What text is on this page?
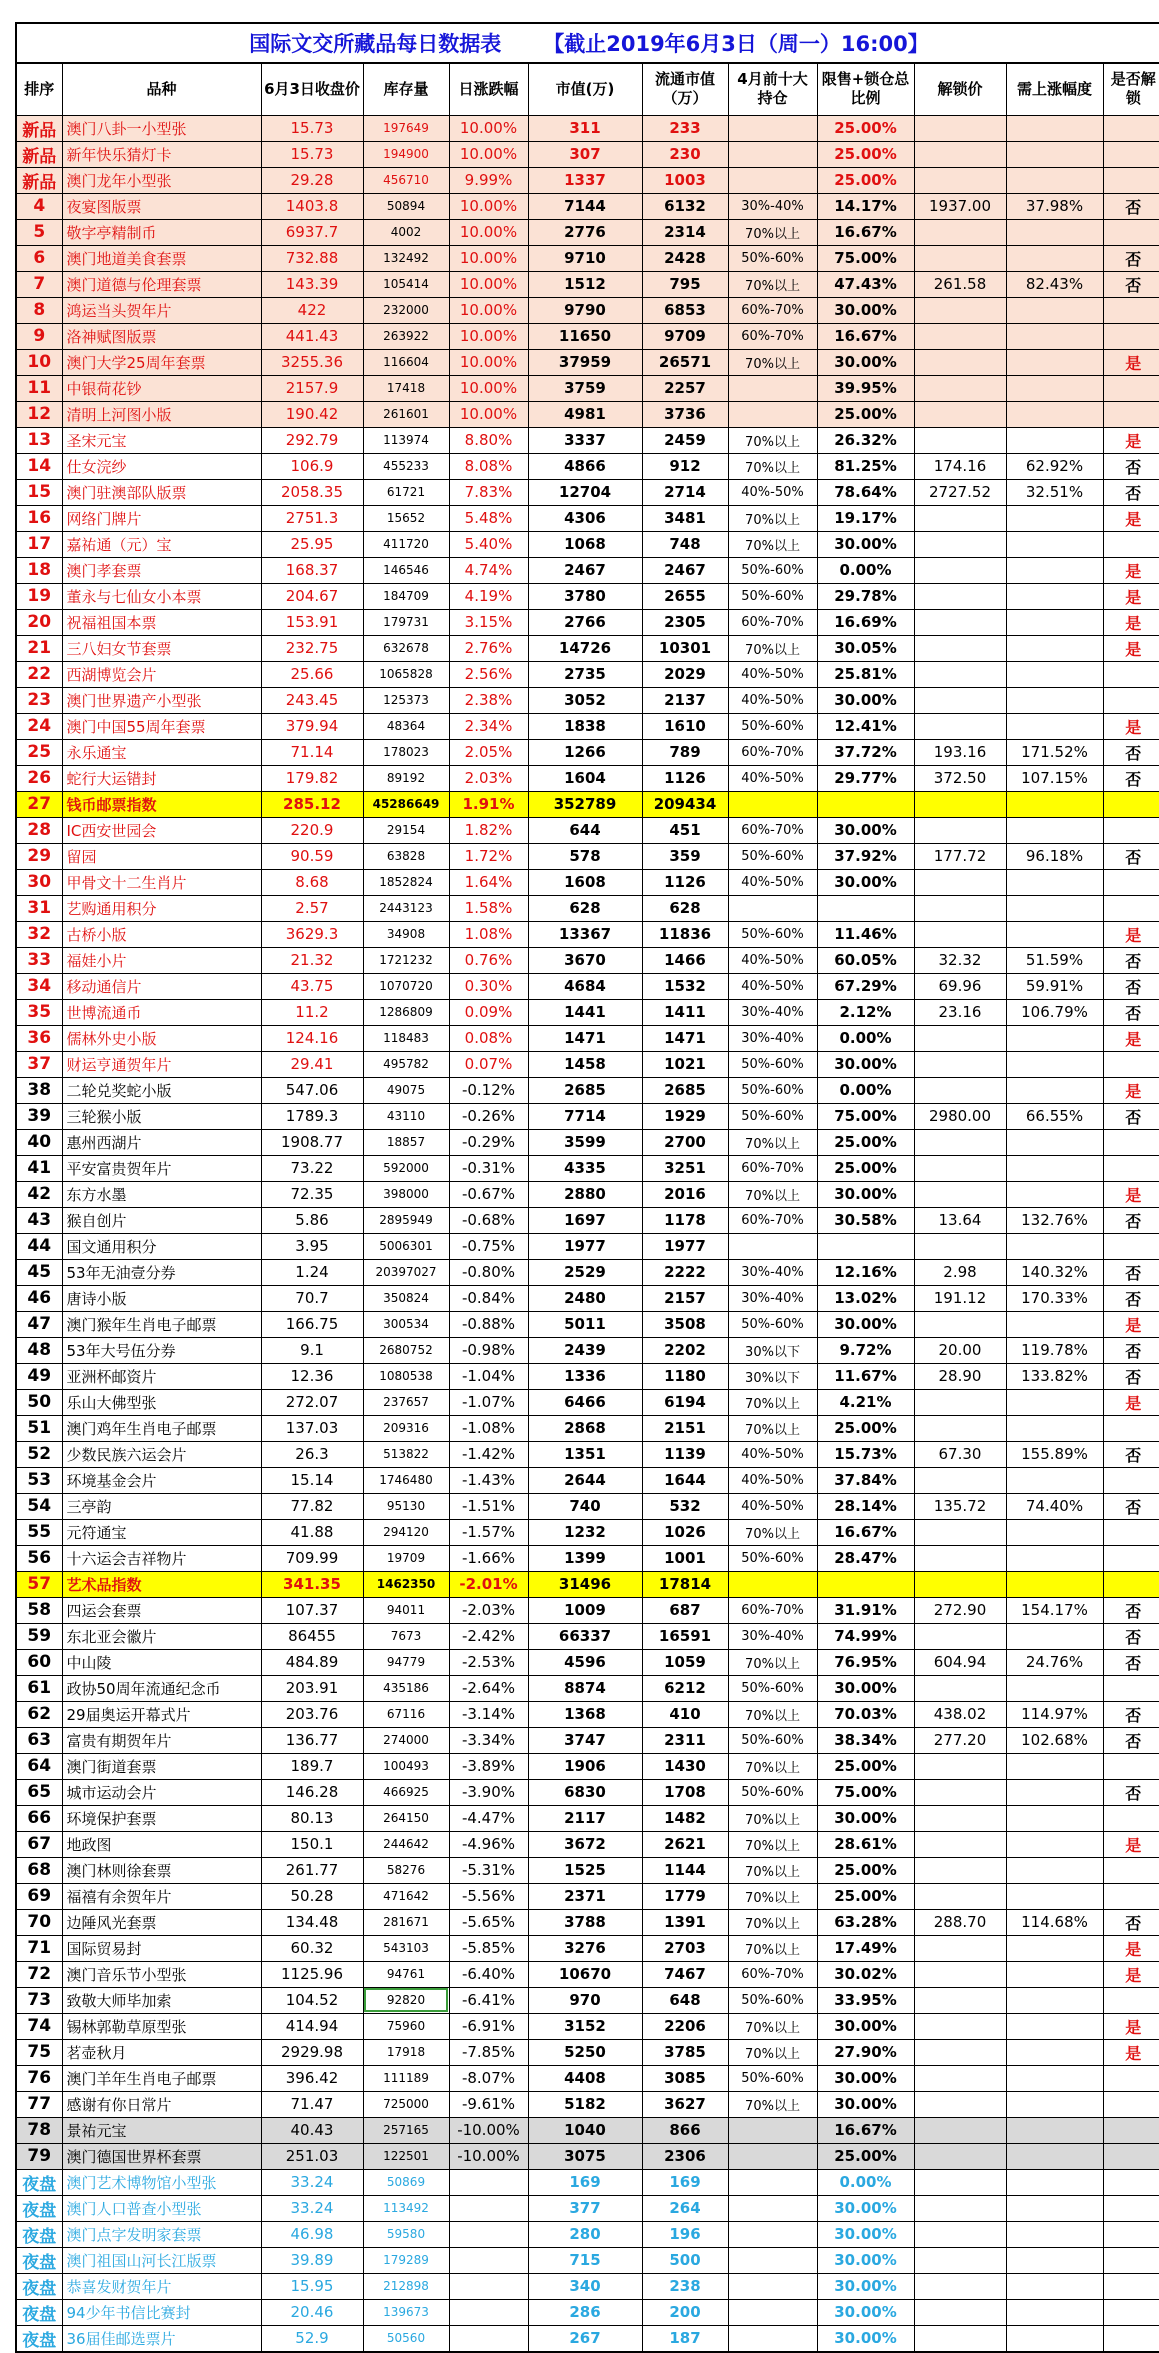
国际文交所藏品每日数据表 【截止2019年6月3日（周一）16:00】
排序	品种	6月3日收盘价	库存量	日涨跌幅	市值(万)	流通市值（万）	4月前十大持仓	限售+锁仓总比例	解锁价	需上涨幅度	是否解锁
新品	澳门八卦一小型张	15.73	197649	10.00%	311	233		25.00%			
新品	新年快乐猜灯卡	15.73	194900	10.00%	307	230		25.00%			
新品	澳门龙年小型张	29.28	456710	9.99%	1337	1003		25.00%			
4	夜宴图版票	1403.8	50894	10.00%	7144	6132	30%-40%	14.17%	1937.00	37.98%	否
5	敬字亭精制币	6937.7	4002	10.00%	2776	2314	70%以上	16.67%			
6	澳门地道美食套票	732.88	132492	10.00%	9710	2428	50%-60%	75.00%			否
7	澳门道德与伦理套票	143.39	105414	10.00%	1512	795	70%以上	47.43%	261.58	82.43%	否
8	鸿运当头贺年片	422	232000	10.00%	9790	6853	60%-70%	30.00%			
9	洛神赋图版票	441.43	263922	10.00%	11650	9709	60%-70%	16.67%			
10	澳门大学25周年套票	3255.36	116604	10.00%	37959	26571	70%以上	30.00%			是
11	中银荷花钞	2157.9	17418	10.00%	3759	2257		39.95%			
12	清明上河图小版	190.42	261601	10.00%	4981	3736		25.00%			
13	圣宋元宝	292.79	113974	8.80%	3337	2459	70%以上	26.32%			是
14	仕女浣纱	106.9	455233	8.08%	4866	912	70%以上	81.25%	174.16	62.92%	否
15	澳门驻澳部队版票	2058.35	61721	7.83%	12704	2714	40%-50%	78.64%	2727.52	32.51%	否
16	网络门牌片	2751.3	15652	5.48%	4306	3481	70%以上	19.17%			是
17	嘉祐通（元）宝	25.95	411720	5.40%	1068	748	70%以上	30.00%			
18	澳门孝套票	168.37	146546	4.74%	2467	2467	50%-60%	0.00%			是
19	董永与七仙女小本票	204.67	184709	4.19%	3780	2655	50%-60%	29.78%			是
20	祝福祖国本票	153.91	179731	3.15%	2766	2305	60%-70%	16.69%			是
21	三八妇女节套票	232.75	632678	2.76%	14726	10301	70%以上	30.05%			是
22	西湖博览会片	25.66	1065828	2.56%	2735	2029	40%-50%	25.81%			
23	澳门世界遗产小型张	243.45	125373	2.38%	3052	2137	40%-50%	30.00%			
24	澳门中国55周年套票	379.94	48364	2.34%	1838	1610	50%-60%	12.41%			是
25	永乐通宝	71.14	178023	2.05%	1266	789	60%-70%	37.72%	193.16	171.52%	否
26	蛇行大运错封	179.82	89192	2.03%	1604	1126	40%-50%	29.77%	372.50	107.15%	否
27	钱币邮票指数	285.12	45286649	1.91%	352789	209434					
28	IC西安世园会	220.9	29154	1.82%	644	451	60%-70%	30.00%			
29	留园	90.59	63828	1.72%	578	359	50%-60%	37.92%	177.72	96.18%	否
30	甲骨文十二生肖片	8.68	1852824	1.64%	1608	1126	40%-50%	30.00%			
31	艺购通用积分	2.57	2443123	1.58%	628	628					
32	古桥小版	3629.3	34908	1.08%	13367	11836	50%-60%	11.46%			是
33	福娃小片	21.32	1721232	0.76%	3670	1466	40%-50%	60.05%	32.32	51.59%	否
34	移动通信片	43.75	1070720	0.30%	4684	1532	40%-50%	67.29%	69.96	59.91%	否
35	世博流通币	11.2	1286809	0.09%	1441	1411	30%-40%	2.12%	23.16	106.79%	否
36	儒林外史小版	124.16	118483	0.08%	1471	1471	30%-40%	0.00%			是
37	财运亨通贺年片	29.41	495782	0.07%	1458	1021	50%-60%	30.00%			
38	二轮兑奖蛇小版	547.06	49075	-0.12%	2685	2685	50%-60%	0.00%			是
39	三轮猴小版	1789.3	43110	-0.26%	7714	1929	50%-60%	75.00%	2980.00	66.55%	否
40	惠州西湖片	1908.77	18857	-0.29%	3599	2700	70%以上	25.00%			
41	平安富贵贺年片	73.22	592000	-0.31%	4335	3251	60%-70%	25.00%			
42	东方水墨	72.35	398000	-0.67%	2880	2016	70%以上	30.00%			是
43	猴自创片	5.86	2895949	-0.68%	1697	1178	60%-70%	30.58%	13.64	132.76%	否
44	国文通用积分	3.95	5006301	-0.75%	1977	1977					
45	53年无油壹分券	1.24	20397027	-0.80%	2529	2222	30%-40%	12.16%	2.98	140.32%	否
46	唐诗小版	70.7	350824	-0.84%	2480	2157	30%-40%	13.02%	191.12	170.33%	否
47	澳门猴年生肖电子邮票	166.75	300534	-0.88%	5011	3508	50%-60%	30.00%			是
48	53年大号伍分券	9.1	2680752	-0.98%	2439	2202	30%以下	9.72%	20.00	119.78%	否
49	亚洲杯邮资片	12.36	1080538	-1.04%	1336	1180	30%以下	11.67%	28.90	133.82%	否
50	乐山大佛型张	272.07	237657	-1.07%	6466	6194	70%以上	4.21%			是
51	澳门鸡年生肖电子邮票	137.03	209316	-1.08%	2868	2151	70%以上	25.00%			
52	少数民族六运会片	26.3	513822	-1.42%	1351	1139	40%-50%	15.73%	67.30	155.89%	否
53	环境基金会片	15.14	1746480	-1.43%	2644	1644	40%-50%	37.84%			
54	三亭韵	77.82	95130	-1.51%	740	532	40%-50%	28.14%	135.72	74.40%	否
55	元符通宝	41.88	294120	-1.57%	1232	1026	70%以上	16.67%			
56	十六运会吉祥物片	709.99	19709	-1.66%	1399	1001	50%-60%	28.47%			
57	艺术品指数	341.35	1462350	-2.01%	31496	17814					
58	四运会套票	107.37	94011	-2.03%	1009	687	60%-70%	31.91%	272.90	154.17%	否
59	东北亚会徽片	86455	7673	-2.42%	66337	16591	30%-40%	74.99%			否
60	中山陵	484.89	94779	-2.53%	4596	1059	70%以上	76.95%	604.94	24.76%	否
61	政协50周年流通纪念币	203.91	435186	-2.64%	8874	6212	50%-60%	30.00%			
62	29届奥运开幕式片	203.76	67116	-3.14%	1368	410	70%以上	70.03%	438.02	114.97%	否
63	富贵有期贺年片	136.77	274000	-3.34%	3747	2311	50%-60%	38.34%	277.20	102.68%	否
64	澳门街道套票	189.7	100493	-3.89%	1906	1430	70%以上	25.00%			
65	城市运动会片	146.28	466925	-3.90%	6830	1708	50%-60%	75.00%			否
66	环境保护套票	80.13	264150	-4.47%	2117	1482	70%以上	30.00%			
67	地政图	150.1	244642	-4.96%	3672	2621	70%以上	28.61%			是
68	澳门林则徐套票	261.77	58276	-5.31%	1525	1144	70%以上	25.00%			
69	福禧有余贺年片	50.28	471642	-5.56%	2371	1779	70%以上	25.00%			
70	边陲风光套票	134.48	281671	-5.65%	3788	1391	70%以上	63.28%	288.70	114.68%	否
71	国际贸易封	60.32	543103	-5.85%	3276	2703	70%以上	17.49%			是
72	澳门音乐节小型张	1125.96	94761	-6.40%	10670	7467	60%-70%	30.02%			是
73	致敬大师毕加索	104.52	92820	-6.41%	970	648	50%-60%	33.95%			
74	锡林郭勒草原型张	414.94	75960	-6.91%	3152	2206	70%以上	30.00%			是
75	茗壶秋月	2929.98	17918	-7.85%	5250	3785	70%以上	27.90%			是
76	澳门羊年生肖电子邮票	396.42	111189	-8.07%	4408	3085	50%-60%	30.00%			
77	感谢有你日常片	71.47	725000	-9.61%	5182	3627	70%以上	30.00%			
78	景祐元宝	40.43	257165	-10.00%	1040	866		16.67%			
79	澳门德国世界杯套票	251.03	122501	-10.00%	3075	2306		25.00%			
夜盘	澳门艺术博物馆小型张	33.24	50869		169	169		0.00%			
夜盘	澳门人口普查小型张	33.24	113492		377	264		30.00%			
夜盘	澳门点字发明家套票	46.98	59580		280	196		30.00%			
夜盘	澳门祖国山河长江版票	39.89	179289		715	500		30.00%			
夜盘	恭喜发财贺年片	15.95	212898		340	238		30.00%			
夜盘	94少年书信比赛封	20.46	139673		286	200		30.00%			
夜盘	36届佳邮选票片	52.9	50560		267	187		30.00%			
